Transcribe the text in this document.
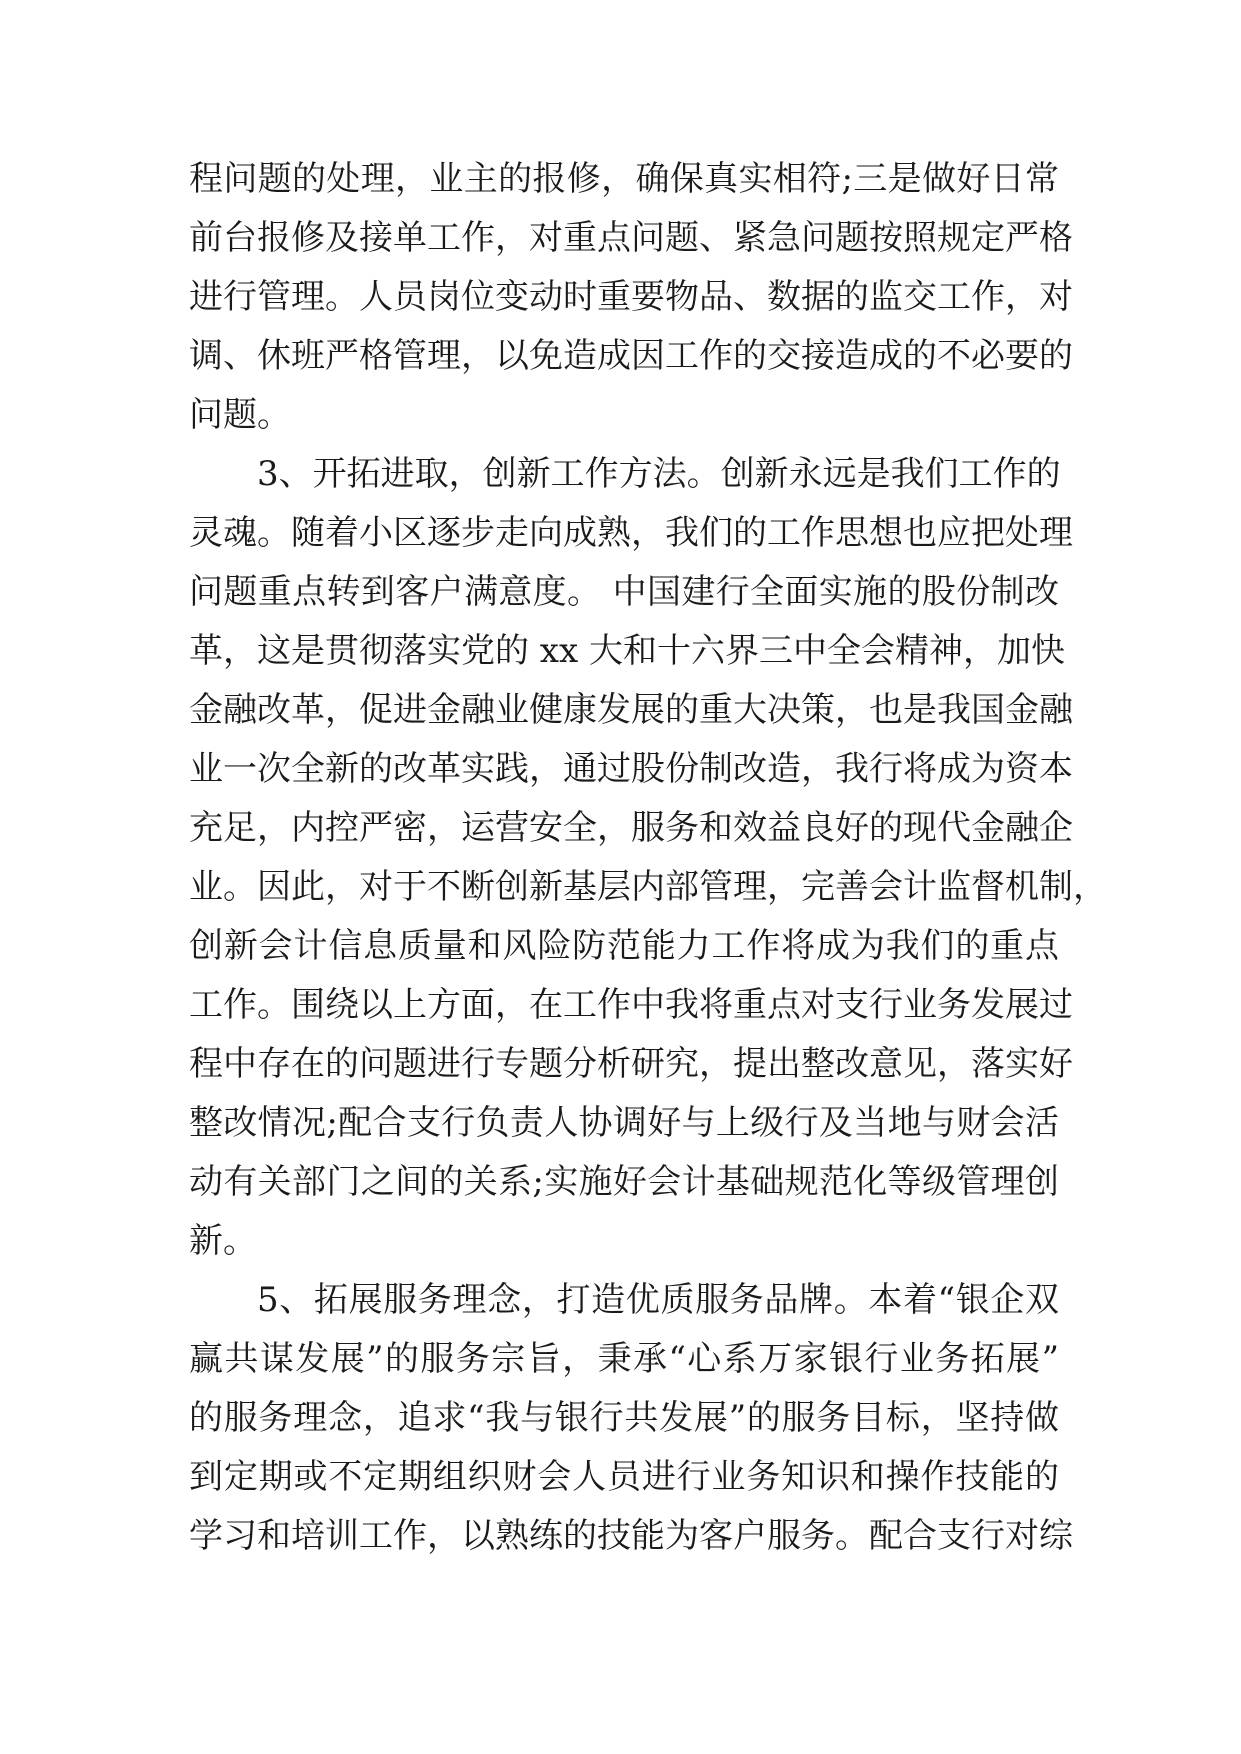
程问题的处理，业主的报修，确保真实相符;三是做好日常
前台报修及接单工作，对重点问题、紧急问题按照规定严格
进行管理。人员岗位变动时重要物品、数据的监交工作，对
调、休班严格管理，以免造成因工作的交接造成的不必要的
问题。
3、开拓进取，创新工作方法。创新永远是我们工作的
灵魂。随着小区逐步走向成熟，我们的工作思想也应把处理
问题重点转到客户满意度。 中国建行全面实施的股份制改
革，这是贯彻落实党的 xx 大和十六界三中全会精神，加快
金融改革，促进金融业健康发展的重大决策，也是我国金融
业一次全新的改革实践，通过股份制改造，我行将成为资本
充足，内控严密，运营安全，服务和效益良好的现代金融企
业。因此，对于不断创新基层内部管理，完善会计监督机制，
创新会计信息质量和风险防范能力工作将成为我们的重点
工作。围绕以上方面，在工作中我将重点对支行业务发展过
程中存在的问题进行专题分析研究，提出整改意见，落实好
整改情况;配合支行负责人协调好与上级行及当地与财会活
动有关部门之间的关系;实施好会计基础规范化等级管理创
新。
5、拓展服务理念，打造优质服务品牌。本着“银企双
赢共谋发展”的服务宗旨，秉承“心系万家银行业务拓展”
的服务理念，追求“我与银行共发展”的服务目标，坚持做
到定期或不定期组织财会人员进行业务知识和操作技能的
学习和培训工作，以熟练的技能为客户服务。配合支行对综
